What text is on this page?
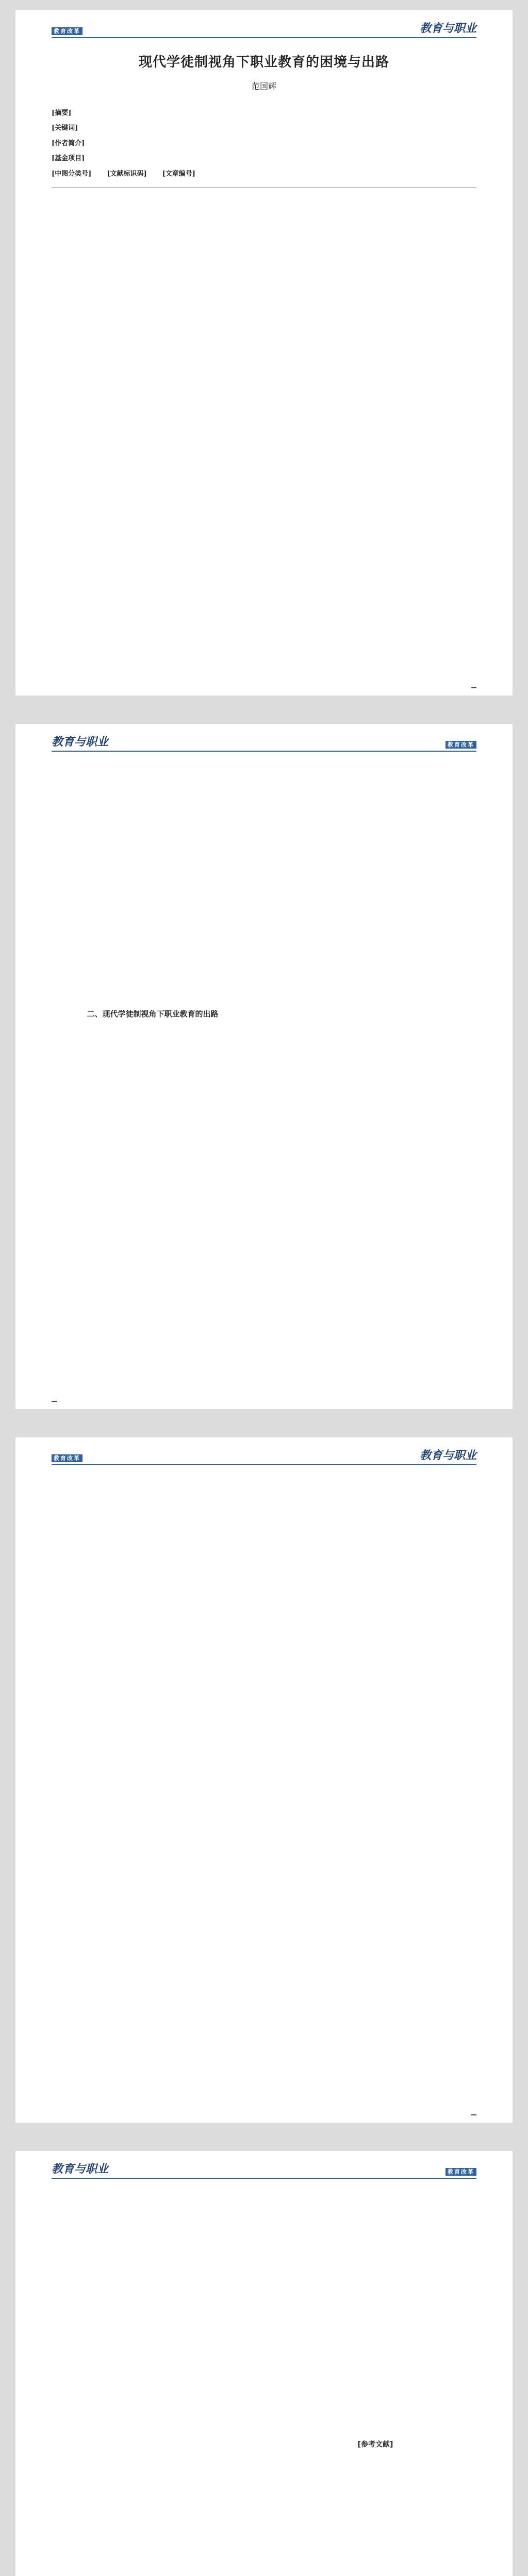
教育改革	教育与职业
现代学徒制视角下职业教育的困境与出路
范国辉
[摘要]
[关键词]
[作者简介]
[基金项目]
[中图分类号] [文献标识码] [文章编号]

教育与职业	教育改革

二、现代学徒制视角下职业教育的出路

教育改革	教育与职业

教育与职业	教育改革

[参考文献]
